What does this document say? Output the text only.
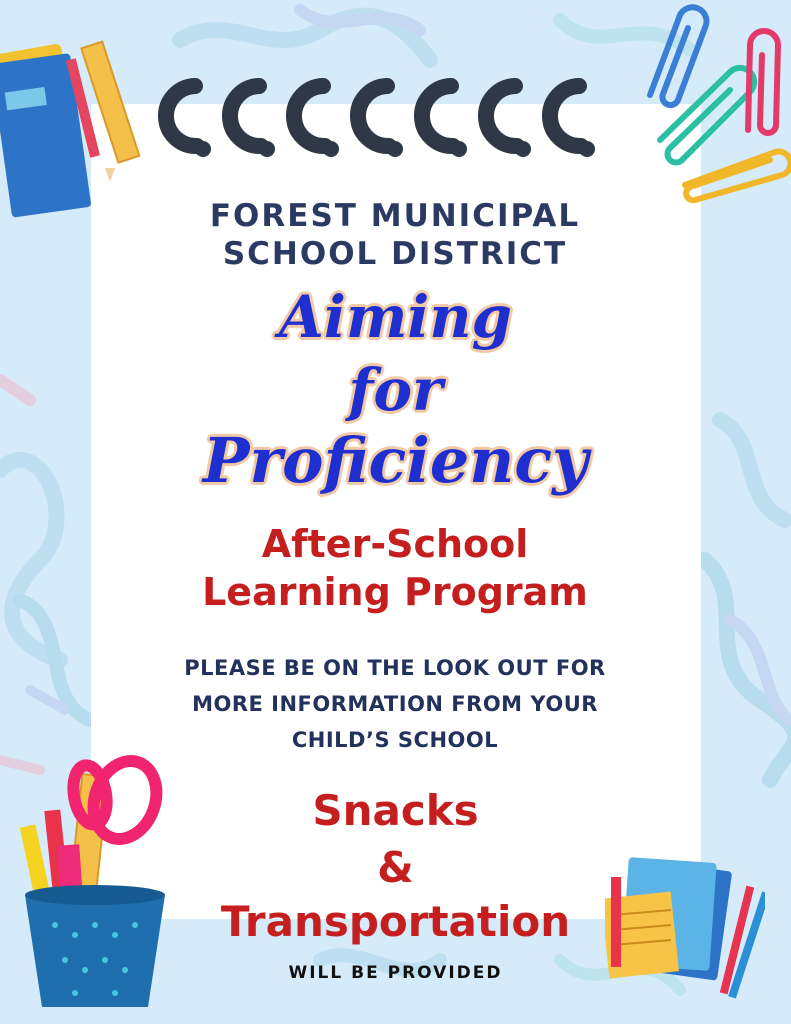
FOREST MUNICIPAL
SCHOOL DISTRICT
Aiming
for
Proficiency
After-School
Learning Program
PLEASE BE ON THE LOOK OUT FOR
MORE INFORMATION FROM YOUR
CHILD’S SCHOOL
Snacks
&
Transportation
WILL BE PROVIDED
